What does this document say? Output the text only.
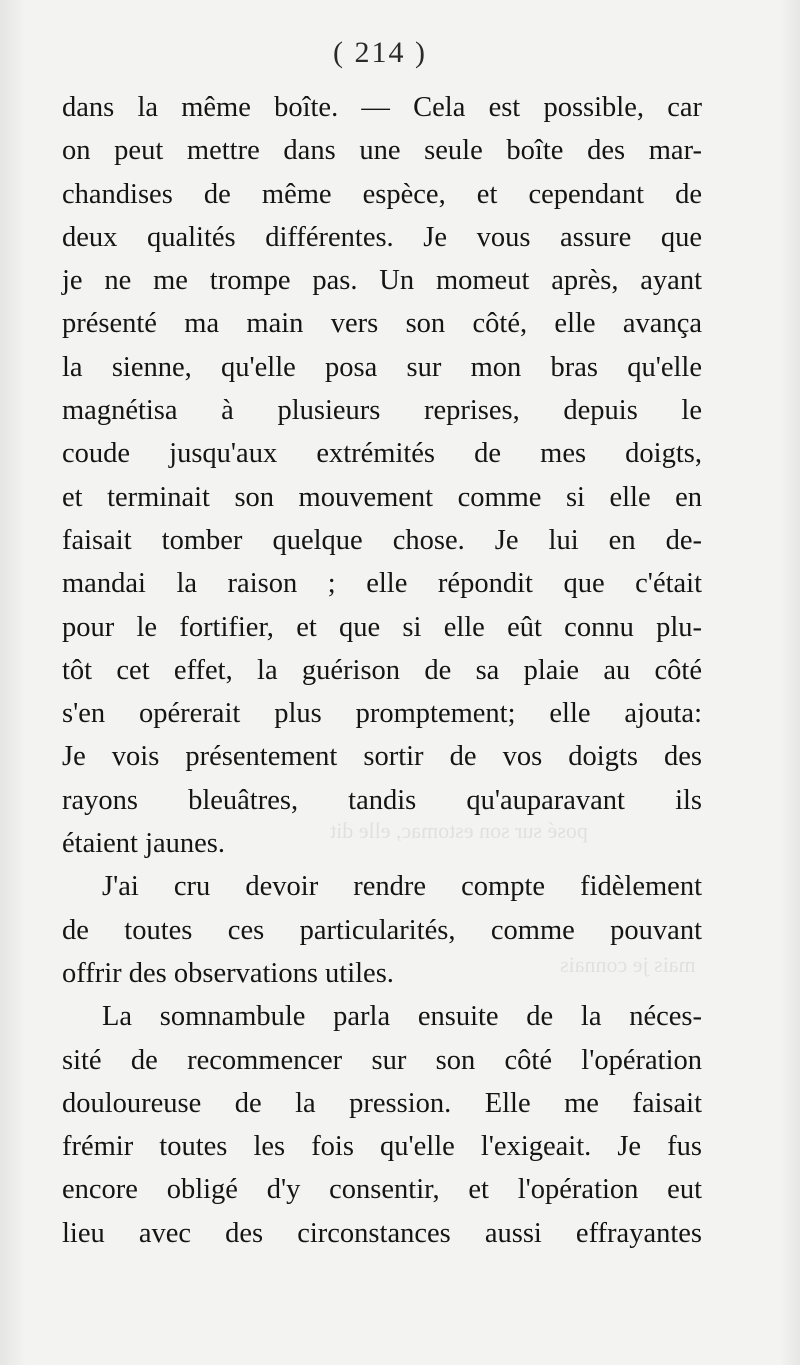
posé sur son estomac, elle dit
mais je connais
( 214 )
dans la même boîte. — Cela est possible, car
on peut mettre dans une seule boîte des mar-
chandises de même espèce, et cependant de
deux qualités différentes. Je vous assure que
je ne me trompe pas. Un momeut après, ayant
présenté ma main vers son côté, elle avança
la sienne, qu'elle posa sur mon bras qu'elle
magnétisa à plusieurs reprises, depuis le
coude jusqu'aux extrémités de mes doigts,
et terminait son mouvement comme si elle en
faisait tomber quelque chose. Je lui en de-
mandai la raison ; elle répondit que c'était
pour le fortifier, et que si elle eût connu plu-
tôt cet effet, la guérison de sa plaie au côté
s'en opérerait plus promptement; elle ajouta:
Je vois présentement sortir de vos doigts des
rayons bleuâtres, tandis qu'auparavant ils
étaient jaunes.
J'ai cru devoir rendre compte fidèlement
de toutes ces particularités, comme pouvant
offrir des observations utiles.
La somnambule parla ensuite de la néces-
sité de recommencer sur son côté l'opération
douloureuse de la pression. Elle me faisait
frémir toutes les fois qu'elle l'exigeait. Je fus
encore obligé d'y consentir, et l'opération eut
lieu avec des circonstances aussi effrayantes
